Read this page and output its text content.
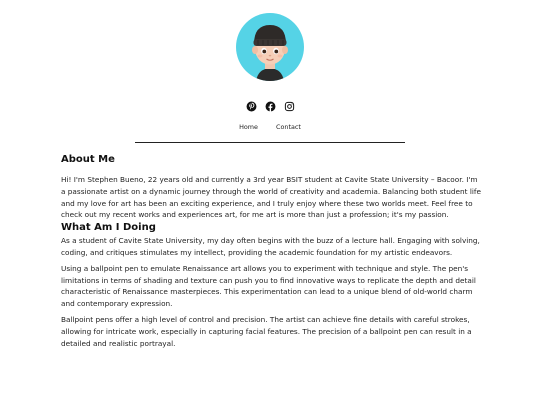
Home	Contact
About Me

Hi! I'm Stephen Bueno, 22 years old and currently a 3rd year BSIT student at Cavite State University – Bacoor. I'm a passionate artist on a dynamic journey through the world of creativity and academia. Balancing both student life and my love for art has been an exciting experience, and I truly enjoy where these two worlds meet. Feel free to check out my recent works and experiences art, for me art is more than just a profession; it's my passion.

What Am I Doing

As a student of Cavite State University, my day often begins with the buzz of a lecture hall. Engaging with solving, coding, and critiques stimulates my intellect, providing the academic foundation for my artistic endeavors.

Using a ballpoint pen to emulate Renaissance art allows you to experiment with technique and style. The pen's limitations in terms of shading and texture can push you to find innovative ways to replicate the depth and detail characteristic of Renaissance masterpieces. This experimentation can lead to a unique blend of old-world charm and contemporary expression.

Ballpoint pens offer a high level of control and precision. The artist can achieve fine details with careful strokes, allowing for intricate work, especially in capturing facial features. The precision of a ballpoint pen can result in a detailed and realistic portrayal.
